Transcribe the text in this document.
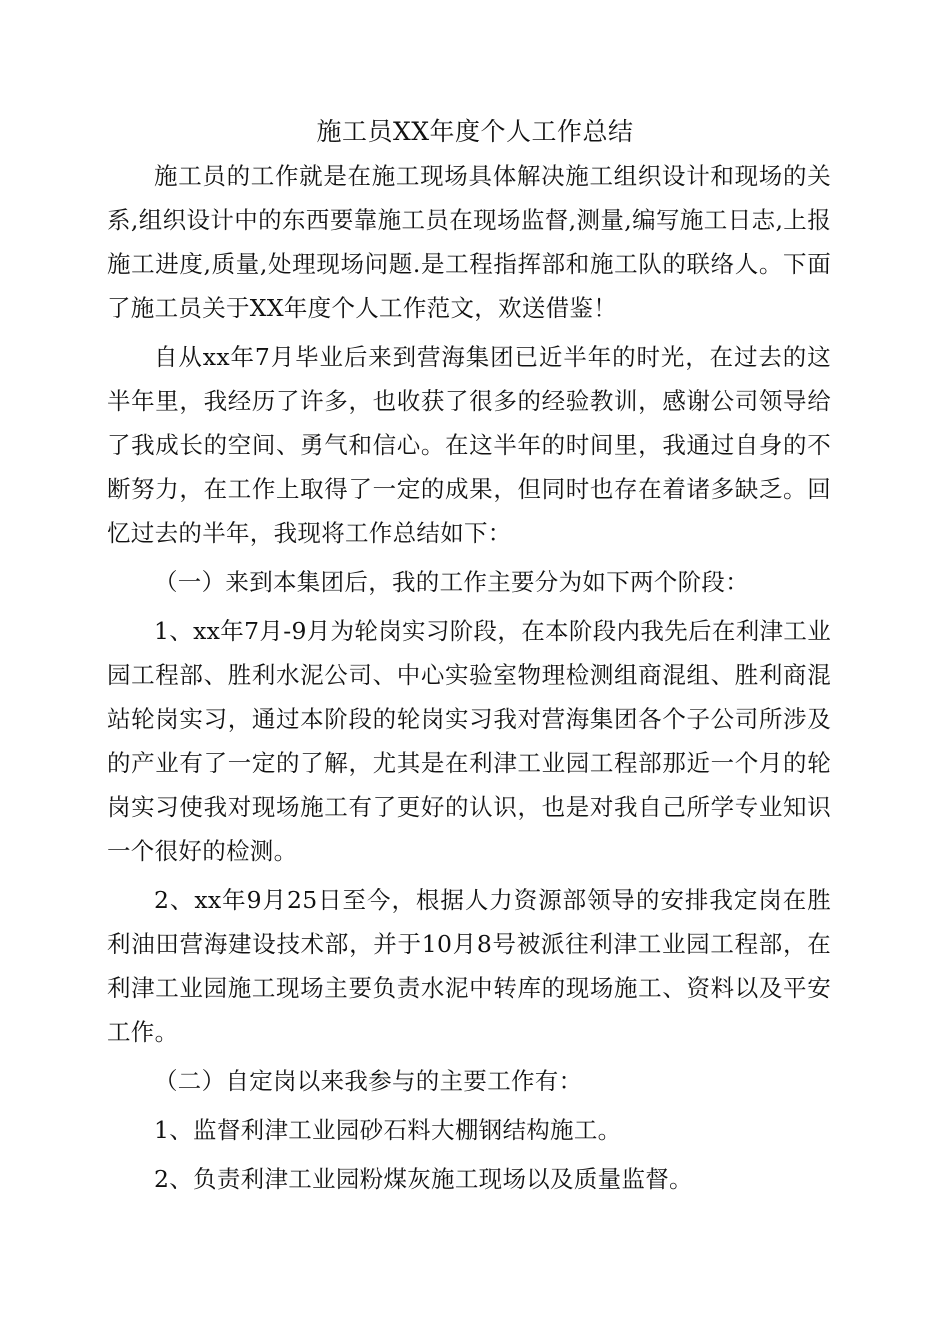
施工员XX年度个人工作总结

施工员的工作就是在施工现场具体解决施工组织设计和现场的关系,组织设计中的东西要靠施工员在现场监督,测量,编写施工日志,上报施工进度,质量,处理现场问题.是工程指挥部和施工队的联络人。下面了施工员关于XX年度个人工作范文，欢送借鉴！

自从xx年7月毕业后来到营海集团已近半年的时光，在过去的这半年里，我经历了许多，也收获了很多的经验教训，感谢公司领导给了我成长的空间、勇气和信心。在这半年的时间里，我通过自身的不断努力，在工作上取得了一定的成果，但同时也存在着诸多缺乏。回忆过去的半年，我现将工作总结如下：

（一）来到本集团后，我的工作主要分为如下两个阶段：

1、xx年7月-9月为轮岗实习阶段，在本阶段内我先后在利津工业园工程部、胜利水泥公司、中心实验室物理检测组商混组、胜利商混站轮岗实习，通过本阶段的轮岗实习我对营海集团各个子公司所涉及的产业有了一定的了解，尤其是在利津工业园工程部那近一个月的轮岗实习使我对现场施工有了更好的认识，也是对我自己所学专业知识一个很好的检测。

2、xx年9月25日至今，根据人力资源部领导的安排我定岗在胜利油田营海建设技术部，并于10月8号被派往利津工业园工程部，在利津工业园施工现场主要负责水泥中转库的现场施工、资料以及平安工作。

（二）自定岗以来我参与的主要工作有：

1、监督利津工业园砂石料大棚钢结构施工。

2、负责利津工业园粉煤灰施工现场以及质量监督。
